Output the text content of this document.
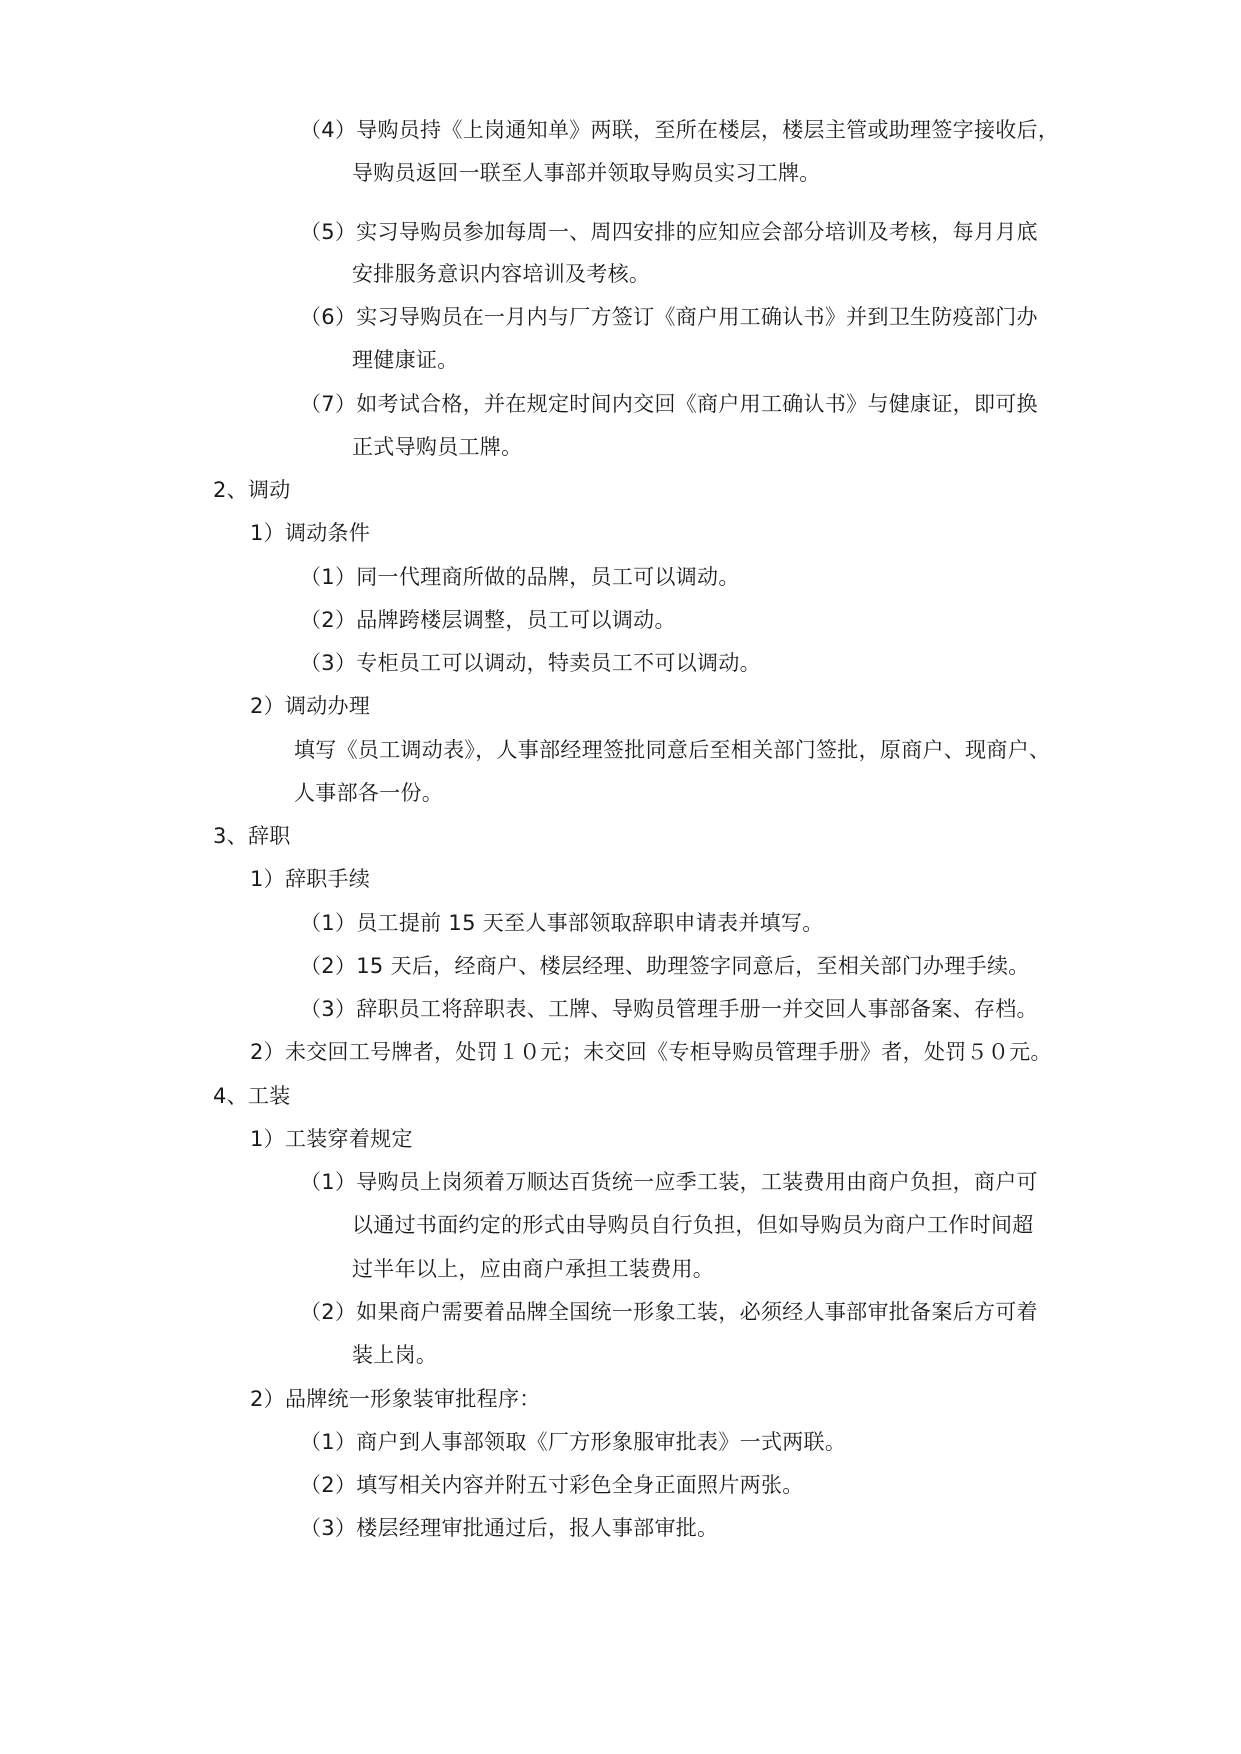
（4）导购员持《上岗通知单》两联，至所在楼层，楼层主管或助理签字接收后，
导购员返回一联至人事部并领取导购员实习工牌。
（5）实习导购员参加每周一、周四安排的应知应会部分培训及考核，每月月底
安排服务意识内容培训及考核。
（6）实习导购员在一月内与厂方签订《商户用工确认书》并到卫生防疫部门办
理健康证。
（7）如考试合格，并在规定时间内交回《商户用工确认书》与健康证，即可换
正式导购员工牌。
2、调动
1）调动条件
（1）同一代理商所做的品牌，员工可以调动。
（2）品牌跨楼层调整，员工可以调动。
（3）专柜员工可以调动，特卖员工不可以调动。
2）调动办理
填写《员工调动表》，人事部经理签批同意后至相关部门签批，原商户、现商户、
人事部各一份。
3、辞职
1）辞职手续
（1）员工提前 15 天至人事部领取辞职申请表并填写。
（2）15 天后，经商户、楼层经理、助理签字同意后，至相关部门办理手续。
（3）辞职员工将辞职表、工牌、导购员管理手册一并交回人事部备案、存档。
2）未交回工号牌者，处罚１０元；未交回《专柜导购员管理手册》者，处罚５０元。
4、工装
1）工装穿着规定
（1）导购员上岗须着万顺达百货统一应季工装，工装费用由商户负担，商户可
以通过书面约定的形式由导购员自行负担，但如导购员为商户工作时间超
过半年以上，应由商户承担工装费用。
（2）如果商户需要着品牌全国统一形象工装，必须经人事部审批备案后方可着
装上岗。
2）品牌统一形象装审批程序：
（1）商户到人事部领取《厂方形象服审批表》一式两联。
（2）填写相关内容并附五寸彩色全身正面照片两张。
（3）楼层经理审批通过后，报人事部审批。
